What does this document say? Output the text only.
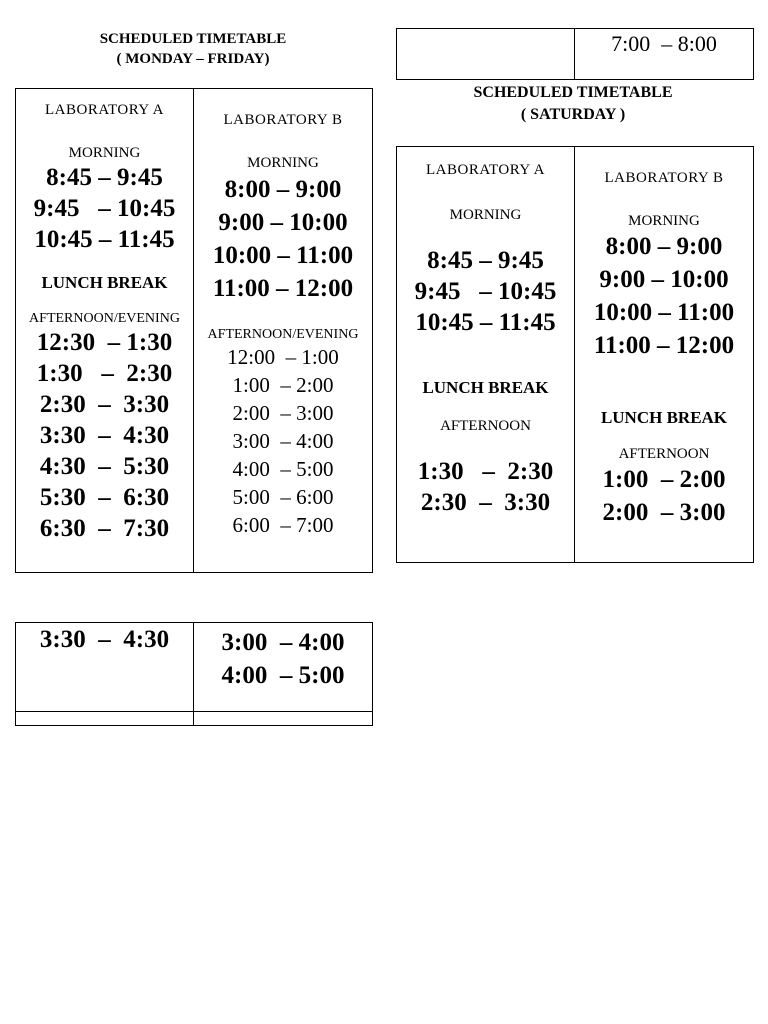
SCHEDULED TIMETABLE
( MONDAY – FRIDAY)
LABORATORY A
MORNING
8:45 – 9:45
9:45   – 10:45
10:45 – 11:45
LUNCH BREAK
AFTERNOON/EVENING
12:30  – 1:30
1:30   –  2:30
2:30  –  3:30
3:30  –  4:30
4:30  –  5:30
5:30  –  6:30
6:30  –  7:30
LABORATORY B
MORNING
8:00 – 9:00
9:00 – 10:00
10:00 – 11:00
11:00 – 12:00
AFTERNOON/EVENING
12:00  – 1:00
1:00  – 2:00
2:00  – 3:00
3:00  – 4:00
4:00  – 5:00
5:00  – 6:00
6:00  – 7:00
3:30  –  4:30	3:00  – 4:00
4:00  – 5:00
7:00  – 8:00
SCHEDULED TIMETABLE
( SATURDAY )
LABORATORY A
MORNING
8:45 – 9:45
9:45   – 10:45
10:45 – 11:45
LUNCH BREAK
AFTERNOON
1:30   –  2:30
2:30  –  3:30
LABORATORY B
MORNING
8:00 – 9:00
9:00 – 10:00
10:00 – 11:00
11:00 – 12:00
LUNCH BREAK
AFTERNOON
1:00  – 2:00
2:00  – 3:00
